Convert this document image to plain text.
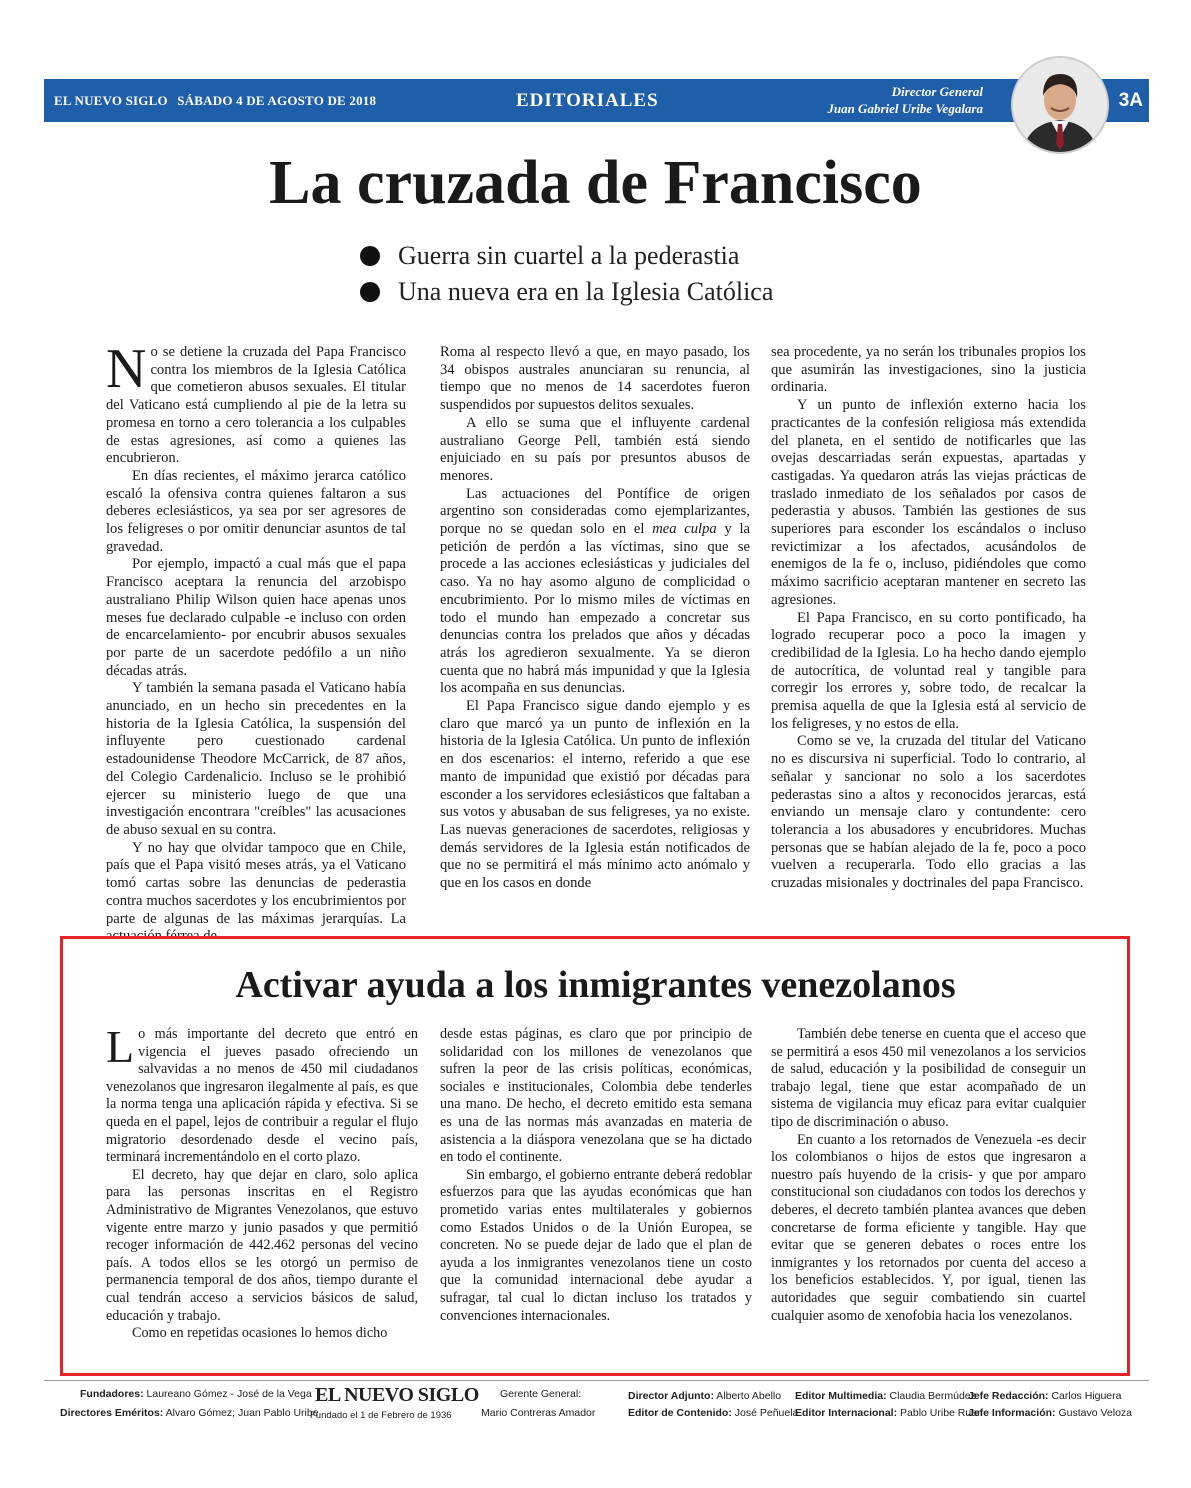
EL NUEVO SIGLO SÁBADO 4 DE AGOSTO DE 2018	EDITORIALES	Director General
Juan Gabriel Uribe Vegalara	3A
La cruzada de Francisco
Guerra sin cuartel a la pederastia
Una nueva era en la Iglesia Católica

No se detiene la cruzada del Papa Francisco contra los miembros de la Iglesia Católica que cometieron abusos sexuales. El titular del Vaticano está cumpliendo al pie de la letra su promesa en torno a cero tolerancia a los culpables de estas agresiones, así como a quienes las encubrieron.

En días recientes, el máximo jerarca católico escaló la ofensiva contra quienes faltaron a sus deberes eclesiásticos, ya sea por ser agresores de los feligreses o por omitir denunciar asuntos de tal gravedad.

Por ejemplo, impactó a cual más que el papa Francisco aceptara la renuncia del arzobispo australiano Philip Wilson quien hace apenas unos meses fue declarado culpable -e incluso con orden de encarcelamiento- por encubrir abusos sexuales por parte de un sacerdote pedófilo a un niño décadas atrás.

Y también la semana pasada el Vaticano había anunciado, en un hecho sin precedentes en la historia de la Iglesia Católica, la suspensión del influyente pero cuestionado cardenal estadounidense Theodore McCarrick, de 87 años, del Colegio Cardenalicio. Incluso se le prohibió ejercer su ministerio luego de que una investigación encontrara "creíbles" las acusaciones de abuso sexual en su contra.

Y no hay que olvidar tampoco que en Chile, país que el Papa visitó meses atrás, ya el Vaticano tomó cartas sobre las denuncias de pederastia contra muchos sacerdotes y los encubrimientos por parte de algunas de las máximas jerarquías. La

Roma al respecto llevó a que, en mayo pasado, los 34 obispos australes anunciaran su renuncia, al tiempo que no menos de 14 sacerdotes fueron suspendidos por supuestos delitos sexuales.

A ello se suma que el influyente cardenal australiano George Pell, también está siendo enjuiciado en su país por presuntos abusos de menores.

Las actuaciones del Pontífice de origen argentino son consideradas como ejemplarizantes, porque no se quedan solo en el mea culpa y la petición de perdón a las víctimas, sino que se procede a las acciones eclesiásticas y judiciales del caso. Ya no hay asomo alguno de complicidad o encubrimiento. Por lo mismo miles de víctimas en todo el mundo han empezado a concretar sus denuncias contra los prelados que años y décadas atrás los agredieron sexualmente. Ya se dieron cuenta que no habrá más impunidad y que la Iglesia los acompaña en sus denuncias.

El Papa Francisco sigue dando ejemplo y es claro que marcó ya un punto de inflexión en la historia de la Iglesia Católica. Un punto de inflexión en dos escenarios: el interno, referido a que ese manto de impunidad que existió por décadas para esconder a los servidores eclesiásticos que faltaban a sus votos y abusaban de sus feligreses, ya no existe. Las nuevas generaciones de sacerdotes, religiosas y demás servidores de la Iglesia están notificados de que no se permitirá el más mínimo acto anómalo y que en los casos en donde

sea procedente, ya no serán los tribunales propios los que asumirán las investigaciones, sino la justicia ordinaria.

Y un punto de inflexión externo hacia los practicantes de la confesión religiosa más extendida del planeta, en el sentido de notificarles que las ovejas descarriadas serán expuestas, apartadas y castigadas. Ya quedaron atrás las viejas prácticas de traslado inmediato de los señalados por casos de pederastia y abusos. También las gestiones de sus superiores para esconder los escándalos o incluso revictimizar a los afectados, acusándolos de enemigos de la fe o, incluso, pidiéndoles que como máximo sacrificio aceptaran mantener en secreto las agresiones.

El Papa Francisco, en su corto pontificado, ha logrado recuperar poco a poco la imagen y credibilidad de la Iglesia. Lo ha hecho dando ejemplo de autocrítica, de voluntad real y tangible para corregir los errores y, sobre todo, de recalcar la premisa aquella de que la Iglesia está al servicio de los feligreses, y no estos de ella.

Como se ve, la cruzada del titular del Vaticano no es discursiva ni superficial. Todo lo contrario, al señalar y sancionar no solo a los sacerdotes pederastas sino a altos y reconocidos jerarcas, está enviando un mensaje claro y contundente: cero tolerancia a los abusadores y encubridores. Muchas personas que se habían alejado de la fe, poco a poco vuelven a recuperarla. Todo ello gracias a las cruzadas misionales y doctrinales del papa Francisco.

Activar ayuda a los inmigrantes venezolanos

Lo más importante del decreto que entró en vigencia el jueves pasado ofreciendo un salvavidas a no menos de 450 mil ciudadanos venezolanos que ingresaron ilegalmente al país, es que la norma tenga una aplicación rápida y efectiva. Si se queda en el papel, lejos de contribuir a regular el flujo migratorio desordenado desde el vecino país, terminará incrementándolo en el corto plazo.

El decreto, hay que dejar en claro, solo aplica para las personas inscritas en el Registro Administrativo de Migrantes Venezolanos, que estuvo vigente entre marzo y junio pasados y que permitió recoger información de 442.462 personas del vecino país. A todos ellos se les otorgó un permiso de permanencia temporal de dos años, tiempo durante el cual tendrán acceso a servicios básicos de salud, educación y trabajo.

Como en repetidas ocasiones lo hemos dicho

desde estas páginas, es claro que por principio de solidaridad con los millones de venezolanos que sufren la peor de las crisis políticas, económicas, sociales e institucionales, Colombia debe tenderles una mano. De hecho, el decreto emitido esta semana es una de las normas más avanzadas en materia de asistencia a la diáspora venezolana que se ha dictado en todo el continente.

Sin embargo, el gobierno entrante deberá redoblar esfuerzos para que las ayudas económicas que han prometido varias entes multilaterales y gobiernos como Estados Unidos o de la Unión Europea, se concreten. No se puede dejar de lado que el plan de ayuda a los inmigrantes venezolanos tiene un costo que la comunidad internacional debe ayudar a sufragar, tal cual lo dictan incluso los tratados y convenciones internacionales.

También debe tenerse en cuenta que el acceso que se permitirá a esos 450 mil venezolanos a los servicios de salud, educación y la posibilidad de conseguir un trabajo legal, tiene que estar acompañado de un sistema de vigilancia muy eficaz para evitar cualquier tipo de discriminación o abuso.

En cuanto a los retornados de Venezuela -es decir los colombianos o hijos de estos que ingresaron a nuestro país huyendo de la crisis- y que por amparo constitucional son ciudadanos con todos los derechos y deberes, el decreto también plantea avances que deben concretarse de forma eficiente y tangible. Hay que evitar que se generen debates o roces entre los inmigrantes y los retornados por cuenta del acceso a los beneficios establecidos. Y, por igual, tienen las autoridades que seguir combatiendo sin cuartel cualquier asomo de xenofobia hacia los venezolanos.

Fundadores: Laureano Gómez - José de la Vega
Directores Eméritos: Alvaro Gómez; Juan Pablo Uribe
EL NUEVO SIGLO
Fundado el 1 de Febrero de 1936
Gerente General:
Mario Contreras Amador
Director Adjunto: Alberto Abello
Editor de Contenido: José Peñuela
Editor Multimedia: Claudia Bermúdez
Editor Internacional: Pablo Uribe Ruan
Jefe Redacción: Carlos Higuera
Jefe Información: Gustavo Veloza
